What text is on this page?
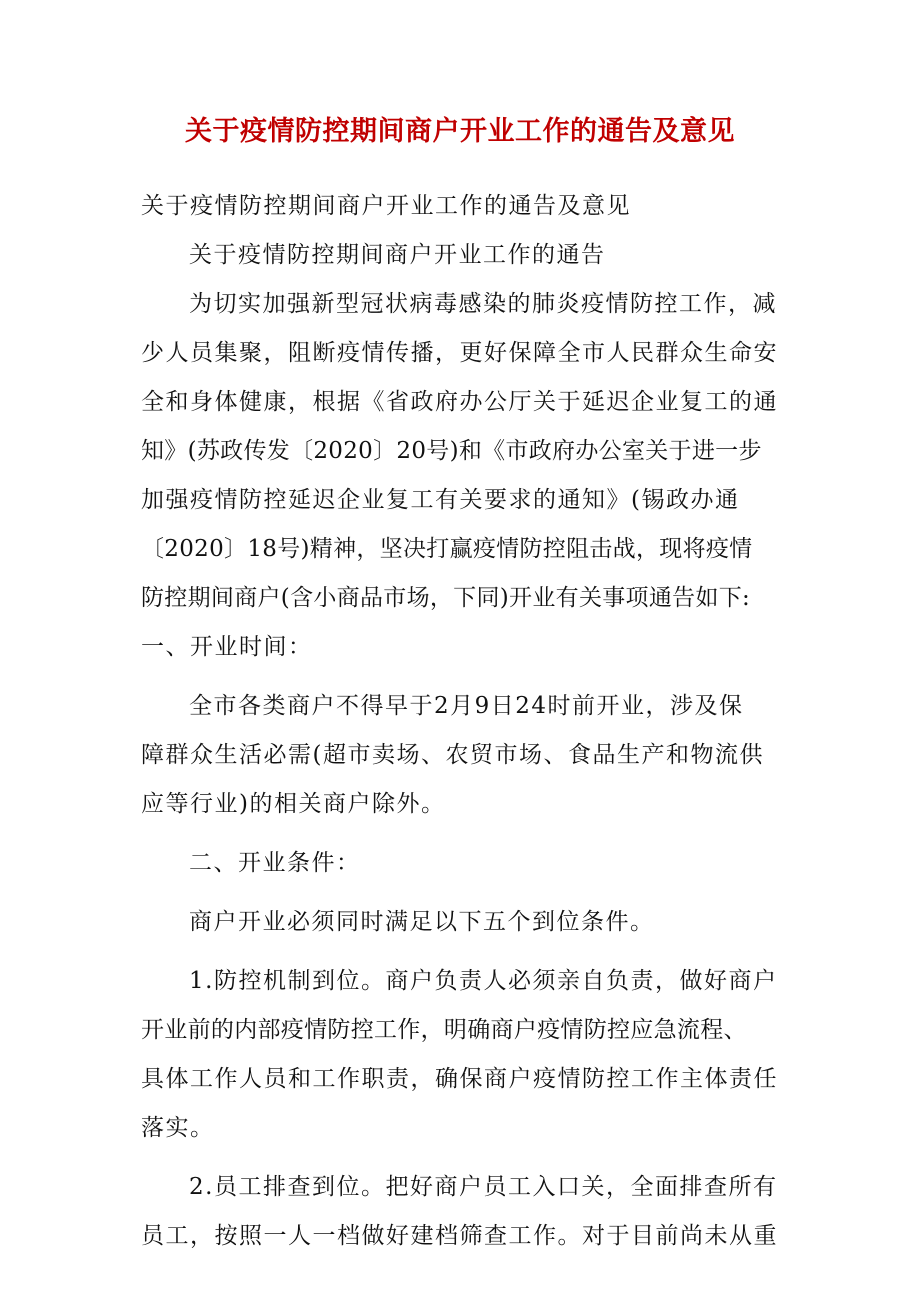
关于疫情防控期间商户开业工作的通告及意见
关于疫情防控期间商户开业工作的通告及意见
关于疫情防控期间商户开业工作的通告
为切实加强新型冠状病毒感染的肺炎疫情防控工作，减
少人员集聚，阻断疫情传播，更好保障全市人民群众生命安
全和身体健康，根据《省政府办公厅关于延迟企业复工的通
知》(苏政传发〔2020〕20号)和《市政府办公室关于进一步
加强疫情防控延迟企业复工有关要求的通知》(锡政办通
〔2020〕18号)精神，坚决打赢疫情防控阻击战，现将疫情
防控期间商户(含小商品市场，下同)开业有关事项通告如下:
一、开业时间：
全市各类商户不得早于2月9日24时前开业，涉及保
障群众生活必需(超市卖场、农贸市场、食品生产和物流供
应等行业)的相关商户除外。
二、开业条件：
商户开业必须同时满足以下五个到位条件。
1.防控机制到位。商户负责人必须亲自负责，做好商户
开业前的内部疫情防控工作，明确商户疫情防控应急流程、
具体工作人员和工作职责，确保商户疫情防控工作主体责任
落实。
2.员工排查到位。把好商户员工入口关，全面排查所有
员工，按照一人一档做好建档筛查工作。对于目前尚未从重
